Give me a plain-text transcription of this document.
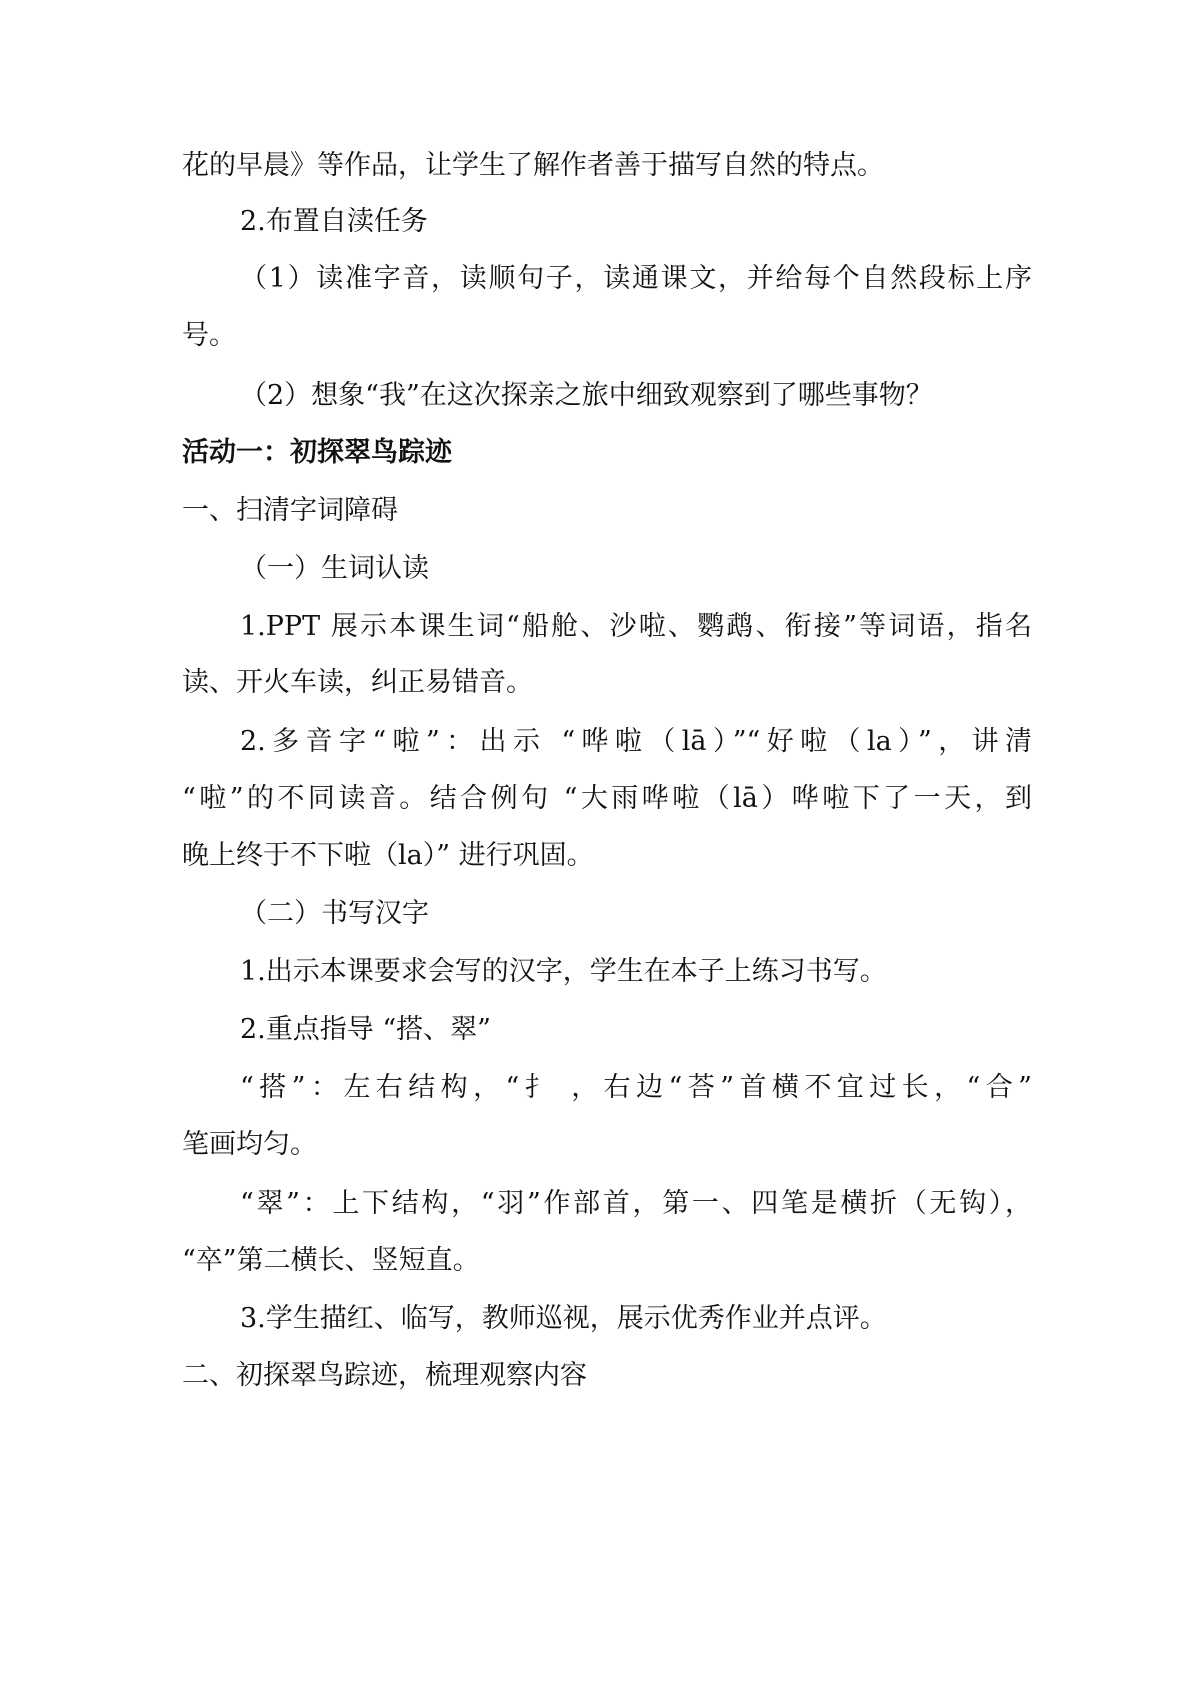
花的早晨》等作品，让学生了解作者善于描写自然的特点。
2.布置自渎任务
（1）读准字音，读顺句子，读通课文，并给每个自然段标上序
号。
（2）想象“我”在这次探亲之旅中细致观察到了哪些事物？
活动一：初探翠鸟踪迹
一、扫清字词障碍
（一）生词认读
1.PPT 展示本课生词“船舱、沙啦、鹦鹉、衔接”等词语，指名
读、开火车读，纠正易错音。
2.多音字“啦”：出示 “哗啦（lā）”“好啦（la）”，讲清
“啦”的不同读音。结合例句 “大雨哗啦（lā）哗啦下了一天，到
晚上终于不下啦（la）” 进行巩固。
（二）书写汉字
1.出示本课要求会写的汉字，学生在本子上练习书写。
2.重点指导 “搭、翠”
“搭”：左右结构，“扌 ，右边“荅”首横不宜过长，“合”
笔画均匀。
“翠”：上下结构，“羽”作部首，第一、四笔是横折（无钩），
“卒”第二横长、竖短直。
3.学生描红、临写，教师巡视，展示优秀作业并点评。
二、初探翠鸟踪迹，梳理观察内容
